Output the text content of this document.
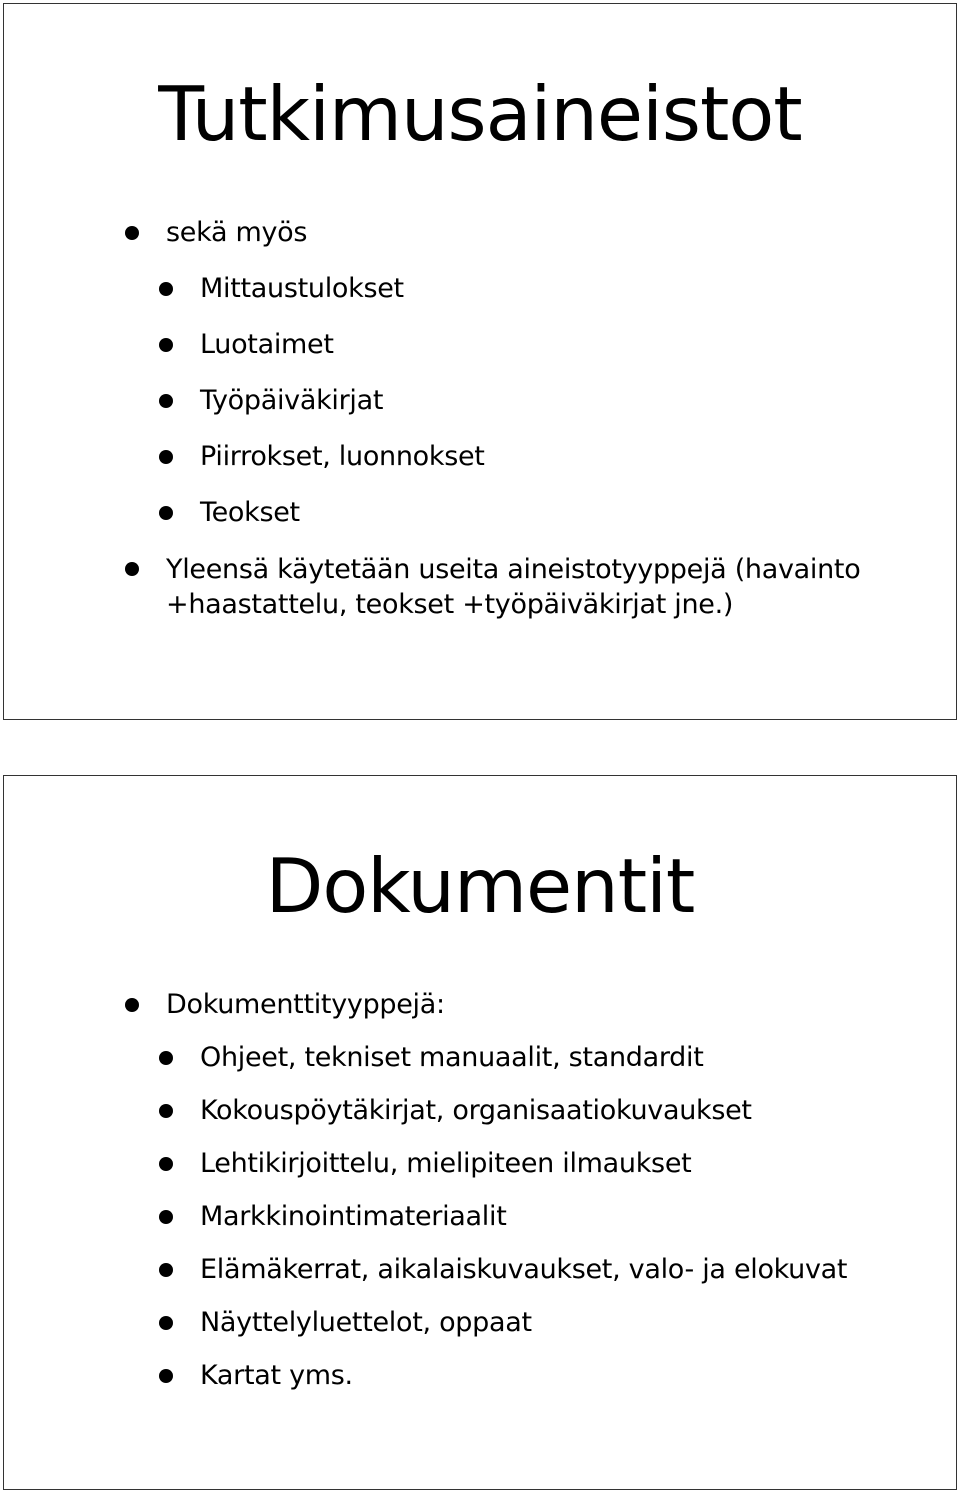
Tutkimusaineistot
sekä myös
Mittaustulokset
Luotaimet
Työpäiväkirjat
Piirrokset, luonnokset
Teokset
Yleensä käytetään useita aineistotyyppejä (havainto +haastattelu, teokset +työpäiväkirjat jne.)
Dokumentit
Dokumenttityyppejä:
Ohjeet, tekniset manuaalit, standardit
Kokouspöytäkirjat, organisaatiokuvaukset
Lehtikirjoittelu, mielipiteen ilmaukset
Markkinointimateriaalit
Elämäkerrat, aikalaiskuvaukset, valo- ja elokuvat
Näyttelyluettelot, oppaat
Kartat yms.
